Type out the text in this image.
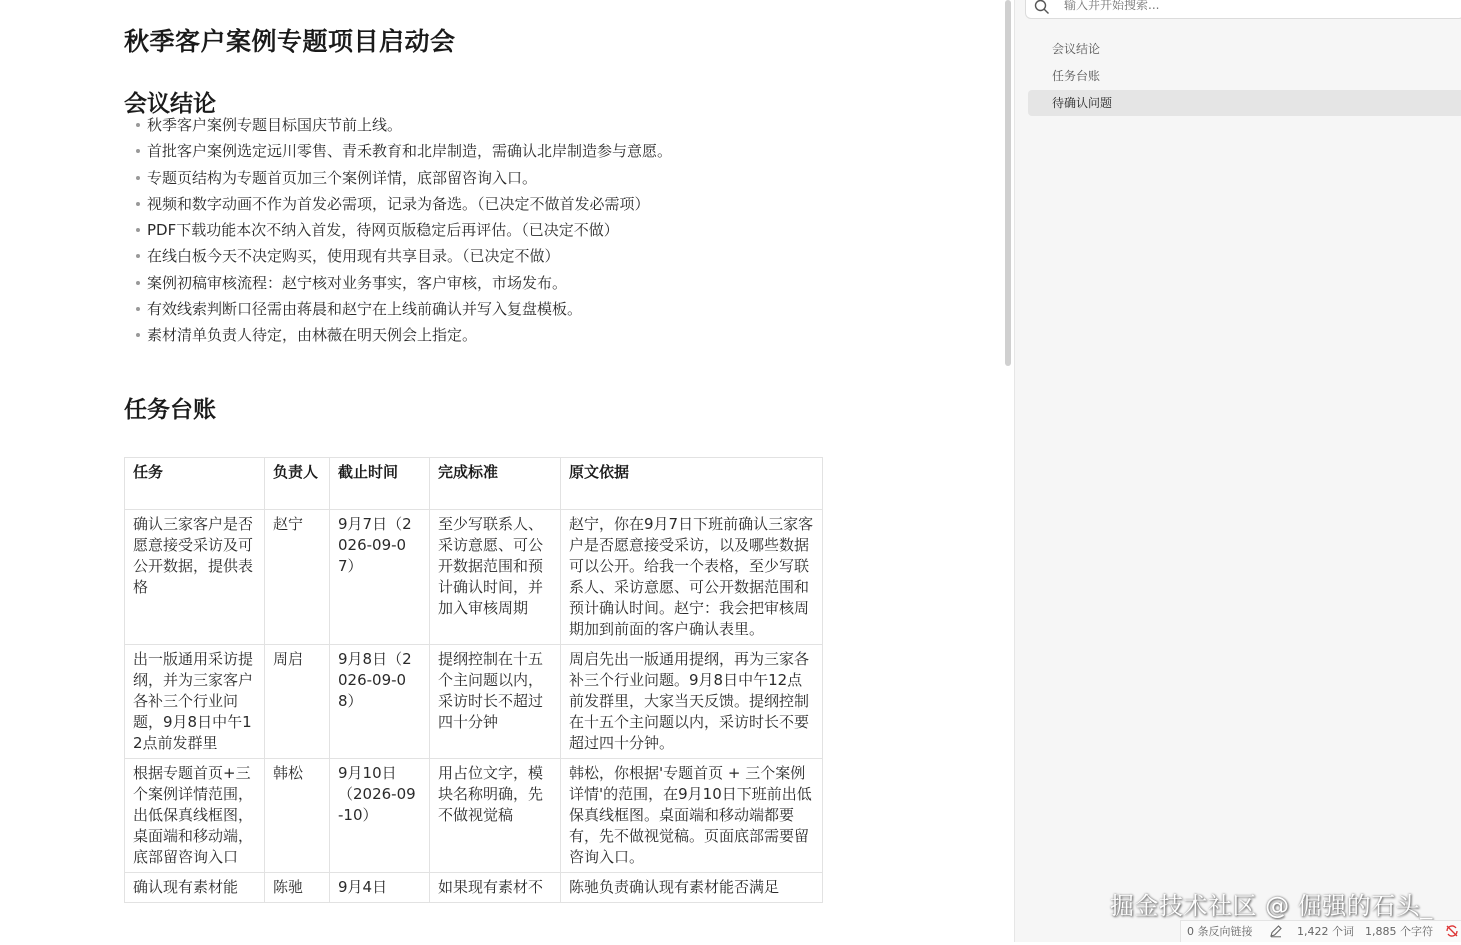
秋季客户案例专题项目启动会
会议结论
秋季客户案例专题目标国庆节前上线。
首批客户案例选定远川零售、青禾教育和北岸制造，需确认北岸制造参与意愿。
专题页结构为专题首页加三个案例详情，底部留咨询入口。
视频和数字动画不作为首发必需项，记录为备选。（已决定不做首发必需项）
PDF下载功能本次不纳入首发，待网页版稳定后再评估。（已决定不做）
在线白板今天不决定购买，使用现有共享目录。（已决定不做）
案例初稿审核流程：赵宁核对业务事实，客户审核，市场发布。
有效线索判断口径需由蒋晨和赵宁在上线前确认并写入复盘模板。
素材清单负责人待定，由林薇在明天例会上指定。
任务台账
任务	负责人	截止时间	完成标准	原文依据
确认三家客户是否愿意接受采访及可公开数据，提供表格	赵宁	9月7日（2026-09-07）	至少写联系人、采访意愿、可公开数据范围和预计确认时间，并加入审核周期	赵宁，你在9月7日下班前确认三家客户是否愿意接受采访，以及哪些数据可以公开。给我一个表格，至少写联系人、采访意愿、可公开数据范围和预计确认时间。赵宁：我会把审核周期加到前面的客户确认表里。
出一版通用采访提纲，并为三家客户各补三个行业问题，9月8日中午12点前发群里	周启	9月8日（2026-09-08）	提纲控制在十五个主问题以内，采访时长不超过四十分钟	周启先出一版通用提纲，再为三家各补三个行业问题。9月8日中午12点前发群里，大家当天反馈。提纲控制在十五个主问题以内，采访时长不要超过四十分钟。
根据专题首页+三个案例详情范围，出低保真线框图，桌面端和移动端，底部留咨询入口	韩松	9月10日（2026-09-10）	用占位文字，模块名称明确，先不做视觉稿	韩松，你根据'专题首页 + 三个案例详情'的范围，在9月10日下班前出低保真线框图。桌面端和移动端都要有，先不做视觉稿。页面底部需要留咨询入口。
确认现有素材能	陈驰	9月4日	如果现有素材不	陈驰负责确认现有素材能否满足
输入并开始搜索...
会议结论
任务台账
待确认问题
掘金技术社区 @ 倔强的石头_
0 条反向链接	1,422 个词 1,885 个字符
